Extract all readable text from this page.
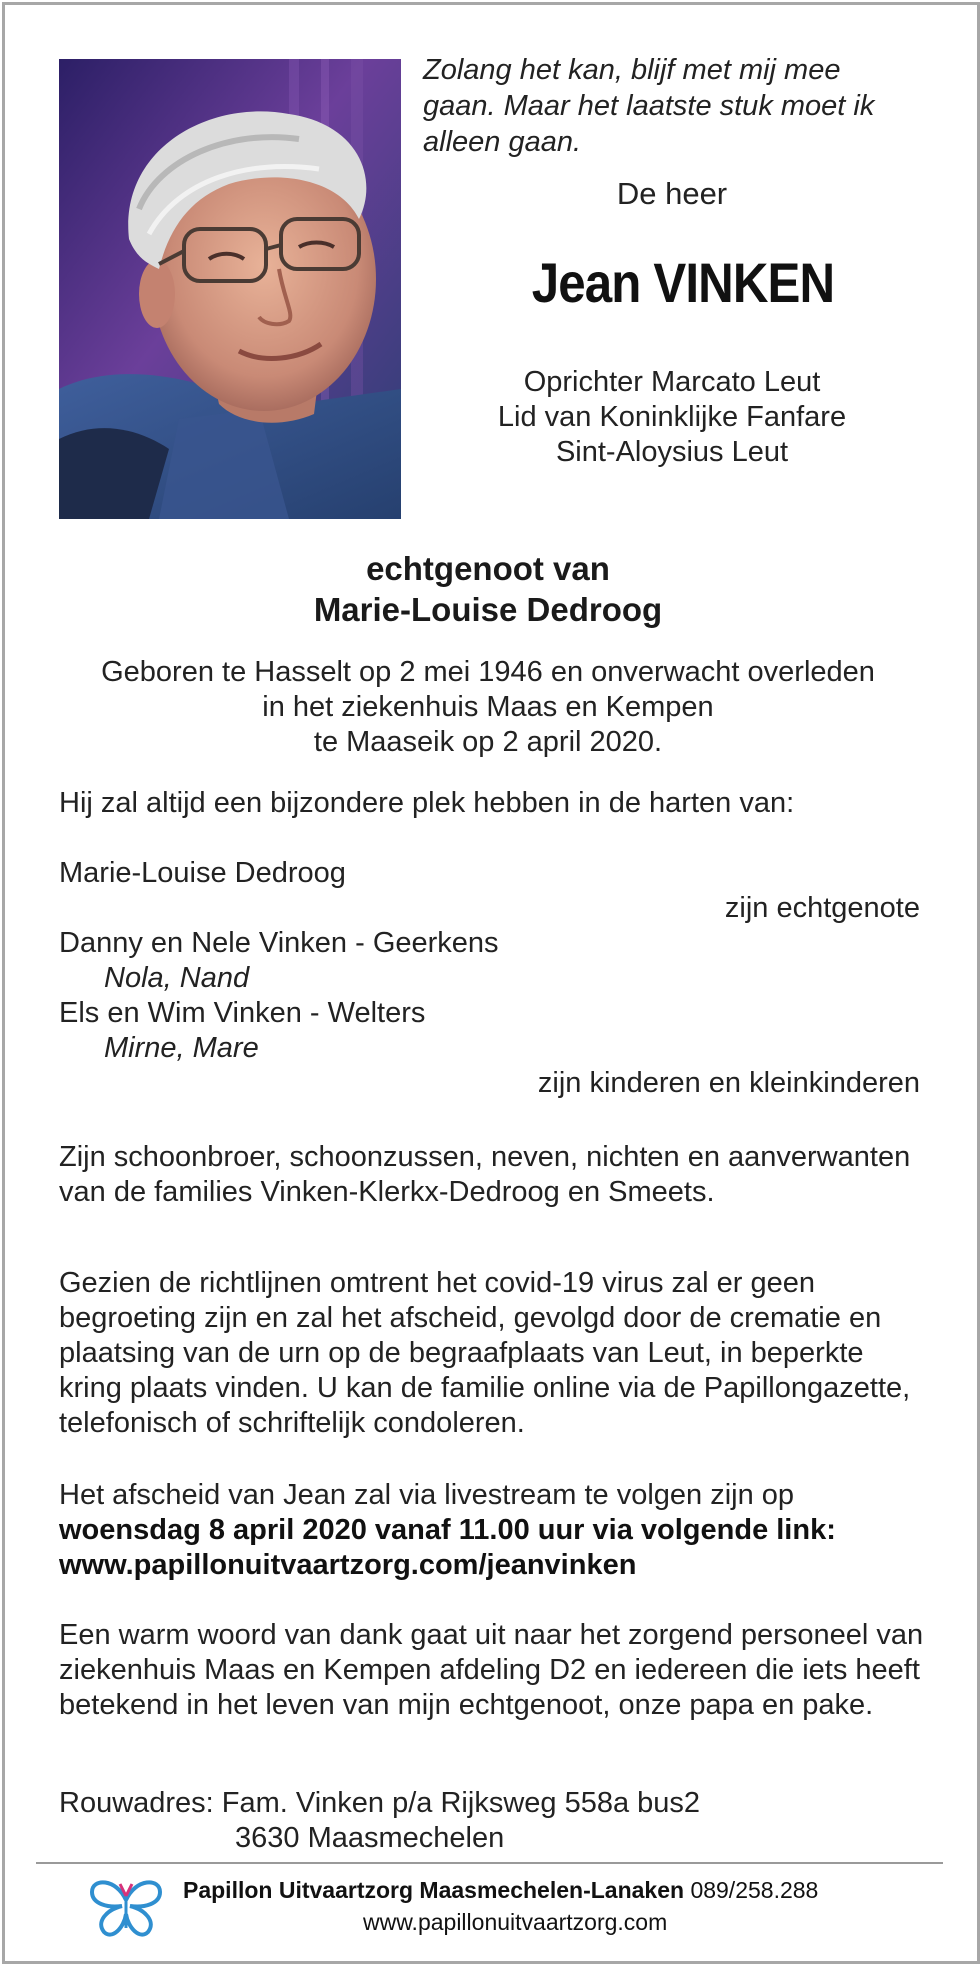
Zolang het kan, blijf met mij mee
gaan. Maar het laatste stuk moet ik
alleen gaan.
De heer
Jean VINKEN
Oprichter Marcato Leut
Lid van Koninklijke Fanfare
Sint-Aloysius Leut
echtgenoot van
Marie-Louise Dedroog
Geboren te Hasselt op 2 mei 1946 en onverwacht overleden
in het ziekenhuis Maas en Kempen
te Maaseik op 2 april 2020.
Hij zal altijd een bijzondere plek hebben in de harten van:
Marie-Louise Dedroog
zijn echtgenote
Danny en Nele Vinken - Geerkens
Nola, Nand
Els en Wim Vinken - Welters
Mirne, Mare
zijn kinderen en kleinkinderen
Zijn schoonbroer, schoonzussen, neven, nichten en aanverwanten van de families Vinken-Klerkx-Dedroog en Smeets.
Gezien de richtlijnen omtrent het covid-19 virus zal er geen begroeting zijn en zal het afscheid, gevolgd door de crematie en plaatsing van de urn op de begraafplaats van Leut, in beperkte kring plaats vinden. U kan de familie online via de Papillongazette, telefonisch of schriftelijk condoleren.
Het afscheid van Jean zal via livestream te volgen zijn op
woensdag 8 april 2020 vanaf 11.00 uur via volgende link:
www.papillonuitvaartzorg.com/jeanvinken
Een warm woord van dank gaat uit naar het zorgend personeel van ziekenhuis Maas en Kempen afdeling D2 en iedereen die iets heeft betekend in het leven van mijn echtgenoot, onze papa en pake.
Rouwadres: Fam. Vinken p/a Rijksweg 558a bus2
3630 Maasmechelen
Papillon Uitvaartzorg Maasmechelen-Lanaken 089/258.288
www.papillonuitvaartzorg.com
